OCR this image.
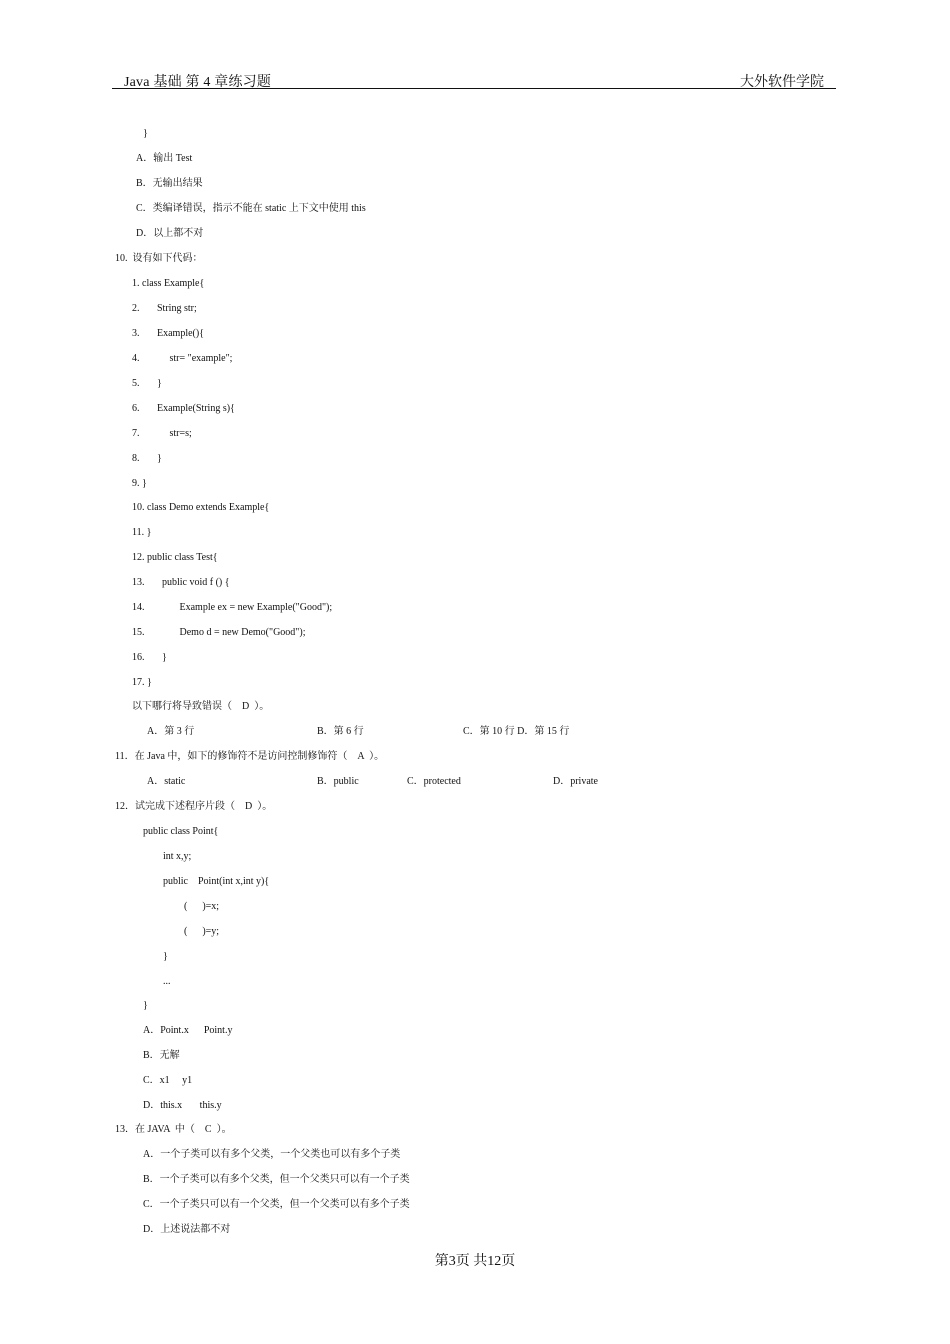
Java 基础 第 4 章练习题	大外软件学院
}
A．输出 Test
B．无输出结果
C．类编译错误，指示不能在 static 上下文中使用 this
D．以上都不对
10.  设有如下代码：
1. class Example{
2.       String str;
3.       Example(){
4.            str= "example";
5.       }
6.       Example(String s){
7.            str=s;
8.       }
9. }
10. class Demo extends Example{
11. }
12. public class Test{
13.       public void f () {
14.              Example ex = new Example("Good");
15.              Demo d = new Demo("Good");
16.       }
17. }
以下哪行将导致错误（    D  ）。
A．第 3 行	B．第 6 行	C．第 10 行 D．第 15 行
11．在 Java 中，如下的修饰符不是访问控制修饰符（    A  ）。
A．static	B．public	C．protected	D．private
12．试完成下述程序片段（    D  ）。
public class Point{
int x,y;
public    Point(int x,int y){
(      )=x;
(      )=y;
}
...
}
A．Point.x      Point.y
B．无解
C．x1     y1
D．this.x       this.y
13．在 JAVA  中（    C  ）。
A．一个子类可以有多个父类，一个父类也可以有多个子类
B．一个子类可以有多个父类，但一个父类只可以有一个子类
C．一个子类只可以有一个父类，但一个父类可以有多个子类
D．上述说法都不对
第3页 共12页
